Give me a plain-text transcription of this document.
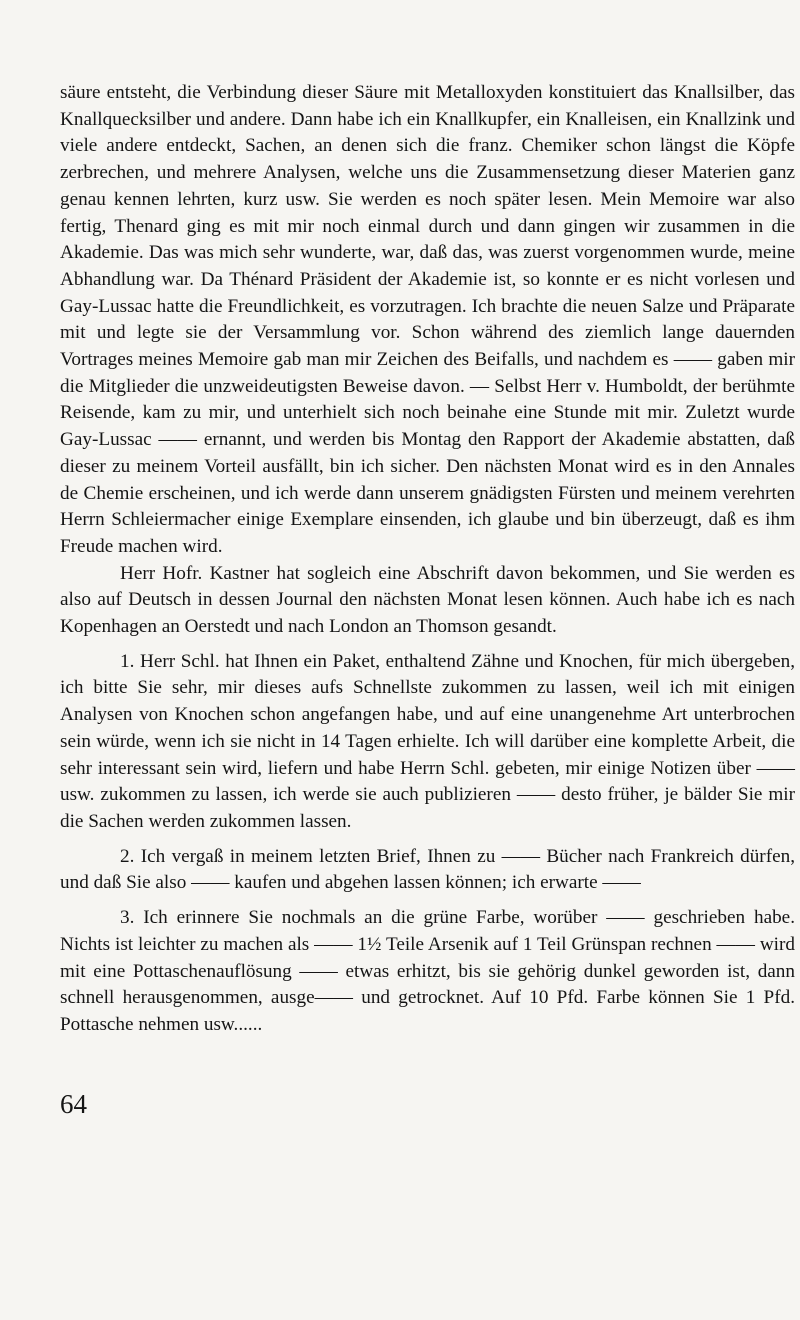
säure entsteht, die Verbindung dieser Säure mit Metalloxyden konstituiert das Knallsilber, das Knallquecksilber und andere. Dann habe ich ein Knallkupfer, ein Knalleisen, ein Knallzink und viele andere entdeckt, Sachen, an denen sich die franz. Chemiker schon längst die Köpfe zerbrechen, und mehrere Analysen, welche uns die Zusammensetzung dieser Materien ganz genau kennen lehrten, kurz usw. Sie werden es noch später lesen. Mein Memoire war also fertig, Thenard ging es mit mir noch einmal durch und dann gingen wir zusammen in die Akademie. Das was mich sehr wunderte, war, daß das, was zuerst vorgenommen wurde, meine Abhandlung war. Da Thénard Präsident der Akademie ist, so konnte er es nicht vorlesen und Gay-Lussac hatte die Freundlichkeit, es vorzutragen. Ich brachte die neuen Salze und Präparate mit und legte sie der Versammlung vor. Schon während des ziemlich lange dauernden Vortrages meines Memoire gab man mir Zeichen des Beifalls, und nachdem es —— gaben mir die Mitglieder die unzweideutigsten Beweise davon. — Selbst Herr v. Humboldt, der berühmte Reisende, kam zu mir, und unterhielt sich noch beinahe eine Stunde mit mir. Zuletzt wurde Gay-Lussac —— ernannt, und werden bis Montag den Rapport der Akademie abstatten, daß dieser zu meinem Vorteil ausfällt, bin ich sicher. Den nächsten Monat wird es in den Annales de Chemie erscheinen, und ich werde dann unserem gnädigsten Fürsten und meinem verehrten Herrn Schleiermacher einige Exemplare einsenden, ich glaube und bin überzeugt, daß es ihm Freude machen wird.

Herr Hofr. Kastner hat sogleich eine Abschrift davon bekommen, und Sie werden es also auf Deutsch in dessen Journal den nächsten Monat lesen können. Auch habe ich es nach Kopenhagen an Oerstedt und nach London an Thomson gesandt.

1. Herr Schl. hat Ihnen ein Paket, enthaltend Zähne und Knochen, für mich übergeben, ich bitte Sie sehr, mir dieses aufs Schnellste zukommen zu lassen, weil ich mit einigen Analysen von Knochen schon angefangen habe, und auf eine unangenehme Art unterbrochen sein würde, wenn ich sie nicht in 14 Tagen erhielte. Ich will darüber eine komplette Arbeit, die sehr interessant sein wird, liefern und habe Herrn Schl. gebeten, mir einige Notizen über —— usw. zukommen zu lassen, ich werde sie auch publizieren —— desto früher, je bälder Sie mir die Sachen werden zukommen lassen.

2. Ich vergaß in meinem letzten Brief, Ihnen zu —— Bücher nach Frankreich dürfen, und daß Sie also —— kaufen und abgehen lassen können; ich erwarte ——

3. Ich erinnere Sie nochmals an die grüne Farbe, worüber —— geschrieben habe. Nichts ist leichter zu machen als —— 1½ Teile Arsenik auf 1 Teil Grünspan rechnen —— wird mit eine Pottaschenauflösung —— etwas erhitzt, bis sie gehörig dunkel geworden ist, dann schnell herausgenommen, ausge—— und getrocknet. Auf 10 Pfd. Farbe können Sie 1 Pfd. Pottasche nehmen usw......

64
